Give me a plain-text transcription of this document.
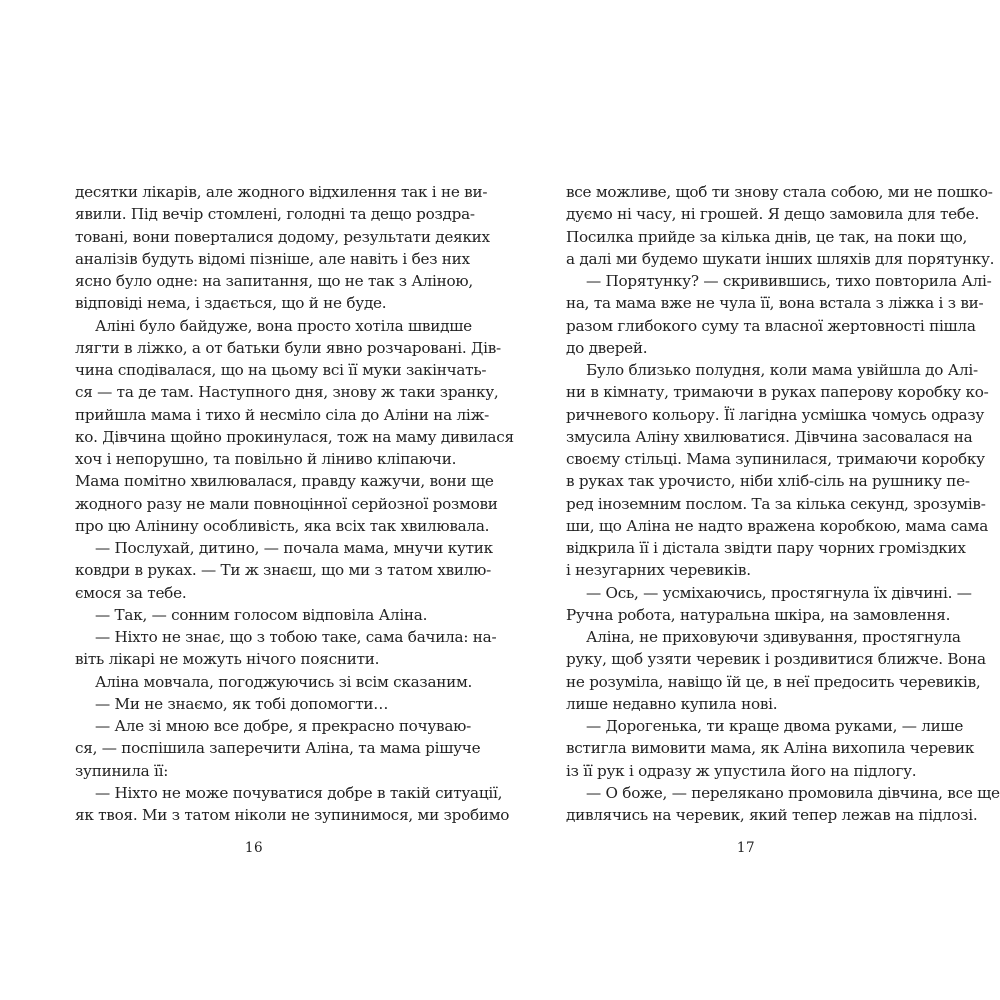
десятки лікарів, але жодного відхилення так і не ви-
явили. Під вечір стомлені, голодні та дещо роздра-
товані, вони поверталися додому, результати деяких
аналізів будуть відомі пізніше, але навіть і без них
ясно було одне: на запитання, що не так з Аліною,
відповіді нема, і здається, що й не буде.
Аліні було байдуже, вона просто хотіла швидше
лягти в ліжко, а от батьки були явно розчаровані. Дів-
чина сподівалася, що на цьому всі її муки закінчать-
ся — та де там. Наступного дня, знову ж таки зранку,
прийшла мама і тихо й несміло сіла до Аліни на ліж-
ко. Дівчина щойно прокинулася, тож на маму дивилася
хоч і непорушно, та повільно й ліниво кліпаючи.
Мама помітно хвилювалася, правду кажучи, вони ще
жодного разу не мали повноцінної серйозної розмови
про цю Алінину особливість, яка всіх так хвилювала.
— Послухай, дитино, — почала мама, мнучи кутик
ковдри в руках. — Ти ж знаєш, що ми з татом хвилю-
ємося за тебе.
— Так, — сонним голосом відповіла Аліна.
— Ніхто не знає, що з тобою таке, сама бачила: на-
віть лікарі не можуть нічого пояснити.
Аліна мовчала, погоджуючись зі всім сказаним.
— Ми не знаємо, як тобі допомогти…
— Але зі мною все добре, я прекрасно почуваю-
ся, — поспішила заперечити Аліна, та мама рішуче
зупинила її:
— Ніхто не може почуватися добре в такій ситуації,
як твоя. Ми з татом ніколи не зупинимося, ми зробимо
все можливе, щоб ти знову стала собою, ми не пошко-
дуємо ні часу, ні грошей. Я дещо замовила для тебе.
Посилка прийде за кілька днів, це так, на поки що,
а далі ми будемо шукати інших шляхів для порятунку.
— Порятунку? — скривившись, тихо повторила Алі-
на, та мама вже не чула її, вона встала з ліжка і з ви-
разом глибокого суму та власної жертовності пішла
до дверей.
Було близько полудня, коли мама увійшла до Алі-
ни в кімнату, тримаючи в руках паперову коробку ко-
ричневого кольору. Її лагідна усмішка чомусь одразу
змусила Аліну хвилюватися. Дівчина засовалася на
своєму стільці. Мама зупинилася, тримаючи коробку
в руках так урочисто, ніби хліб-сіль на рушнику пе-
ред іноземним послом. Та за кілька секунд, зрозумів-
ши, що Аліна не надто вражена коробкою, мама сама
відкрила її і дістала звідти пару чорних громіздких
і незугарних черевиків.
— Ось, — усміхаючись, простягнула їх дівчині. —
Ручна робота, натуральна шкіра, на замовлення.
Аліна, не приховуючи здивування, простягнула
руку, щоб узяти черевик і роздивитися ближче. Вона
не розуміла, навіщо їй це, в неї предосить черевиків,
лише недавно купила нові.
— Дорогенька, ти краще двома руками, — лише
встигла вимовити мама, як Аліна вихопила черевик
із її рук і одразу ж упустила його на підлогу.
— О боже, — перелякано промовила дівчина, все ще
дивлячись на черевик, який тепер лежав на підлозі.
16	17
